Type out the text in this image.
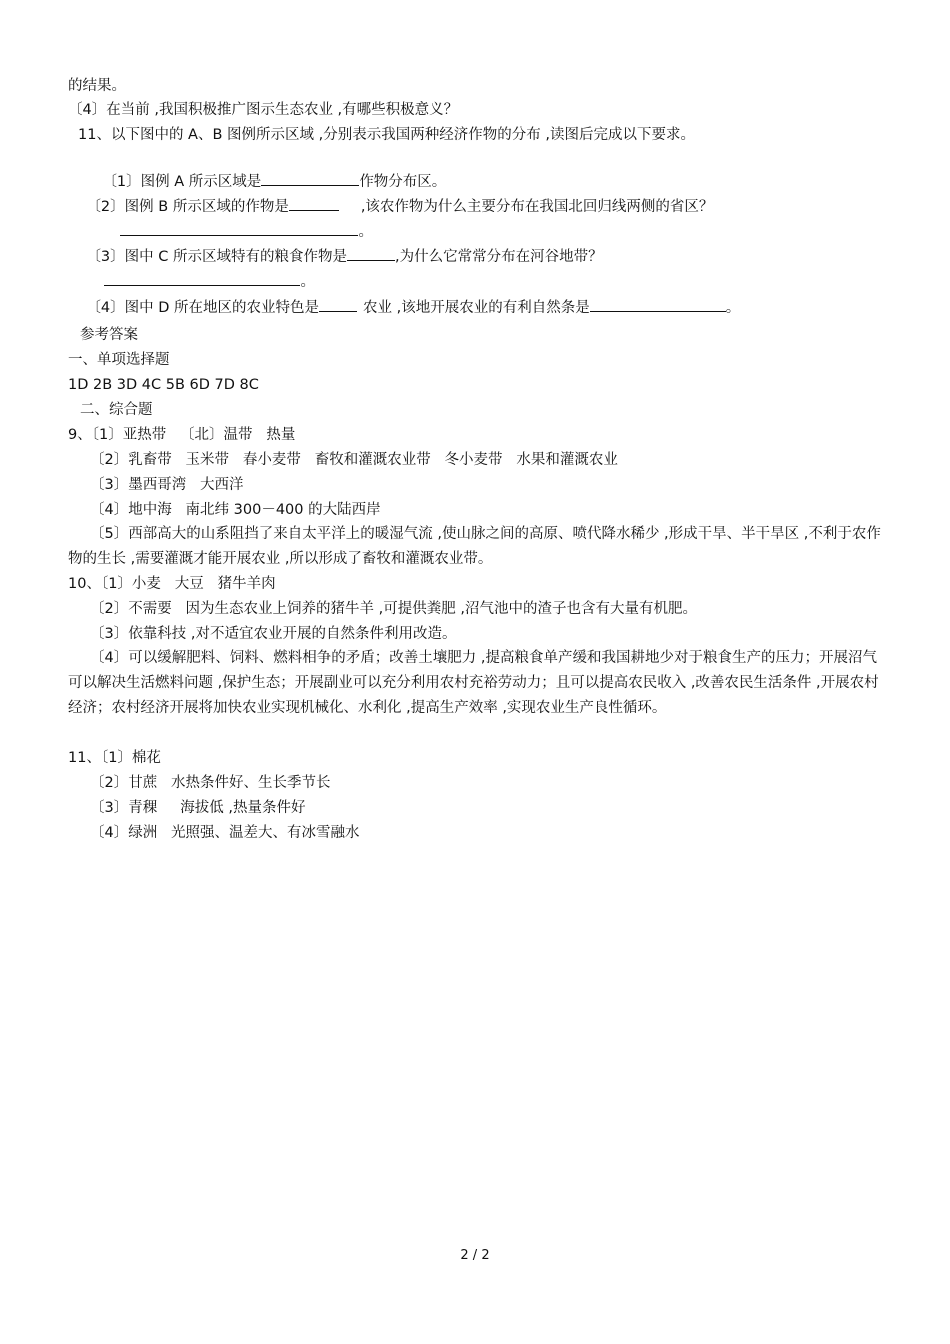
的结果。
〔4〕在当前 ,我国积极推广图示生态农业 ,有哪些积极意义？
11、以下图中的 A、B 图例所示区域 ,分别表示我国两种经济作物的分布 ,读图后完成以下要求。

〔1〕图例 A 所示区域是	作物分布区。

〔2〕图例 B 所示区域的作物是	,该农作物为什么主要分布在我国北回归线两侧的省区？

。

〔3〕图中 C 所示区域特有的粮食作物是	,为什么它常常分布在河谷地带？

。

〔4〕图中 D 所在地区的农业特色是	农业 ,该地开展农业的有利自然条是	。

参考答案
一、单项选择题
1D 2B 3D 4C 5B 6D 7D 8C
二、综合题
9、〔1〕亚热带   〔北〕温带   热量
〔2〕乳畜带   玉米带   春小麦带   畜牧和灌溉农业带   冬小麦带   水果和灌溉农业
〔3〕墨西哥湾   大西洋
〔4〕地中海   南北纬 300－400 的大陆西岸
〔5〕西部高大的山系阻挡了来自太平洋上的暖湿气流 ,使山脉之间的高原、喷代降水稀少 ,形成干旱、半干旱区 ,不利于农作物的生长 ,需要灌溉才能开展农业 ,所以形成了畜牧和灌溉农业带。
10、〔1〕小麦   大豆   猪牛羊肉
〔2〕不需要   因为生态农业上饲养的猪牛羊 ,可提供粪肥 ,沼气池中的渣子也含有大量有机肥。
〔3〕依靠科技 ,对不适宜农业开展的自然条件利用改造。
〔4〕可以缓解肥料、饲料、燃料相争的矛盾；改善土壤肥力 ,提高粮食单产缓和我国耕地少对于粮食生产的压力；开展沼气可以解决生活燃料问题 ,保护生态；开展副业可以充分利用农村充裕劳动力；且可以提高农民收入 ,改善农民生活条件 ,开展农村经济；农村经济开展将加快农业实现机械化、水利化 ,提高生产效率 ,实现农业生产良性循环。
11、〔1〕棉花
〔2〕甘蔗   水热条件好、生长季节长
〔3〕青稞     海拔低 ,热量条件好
〔4〕绿洲   光照强、温差大、有冰雪融水
2 / 2
